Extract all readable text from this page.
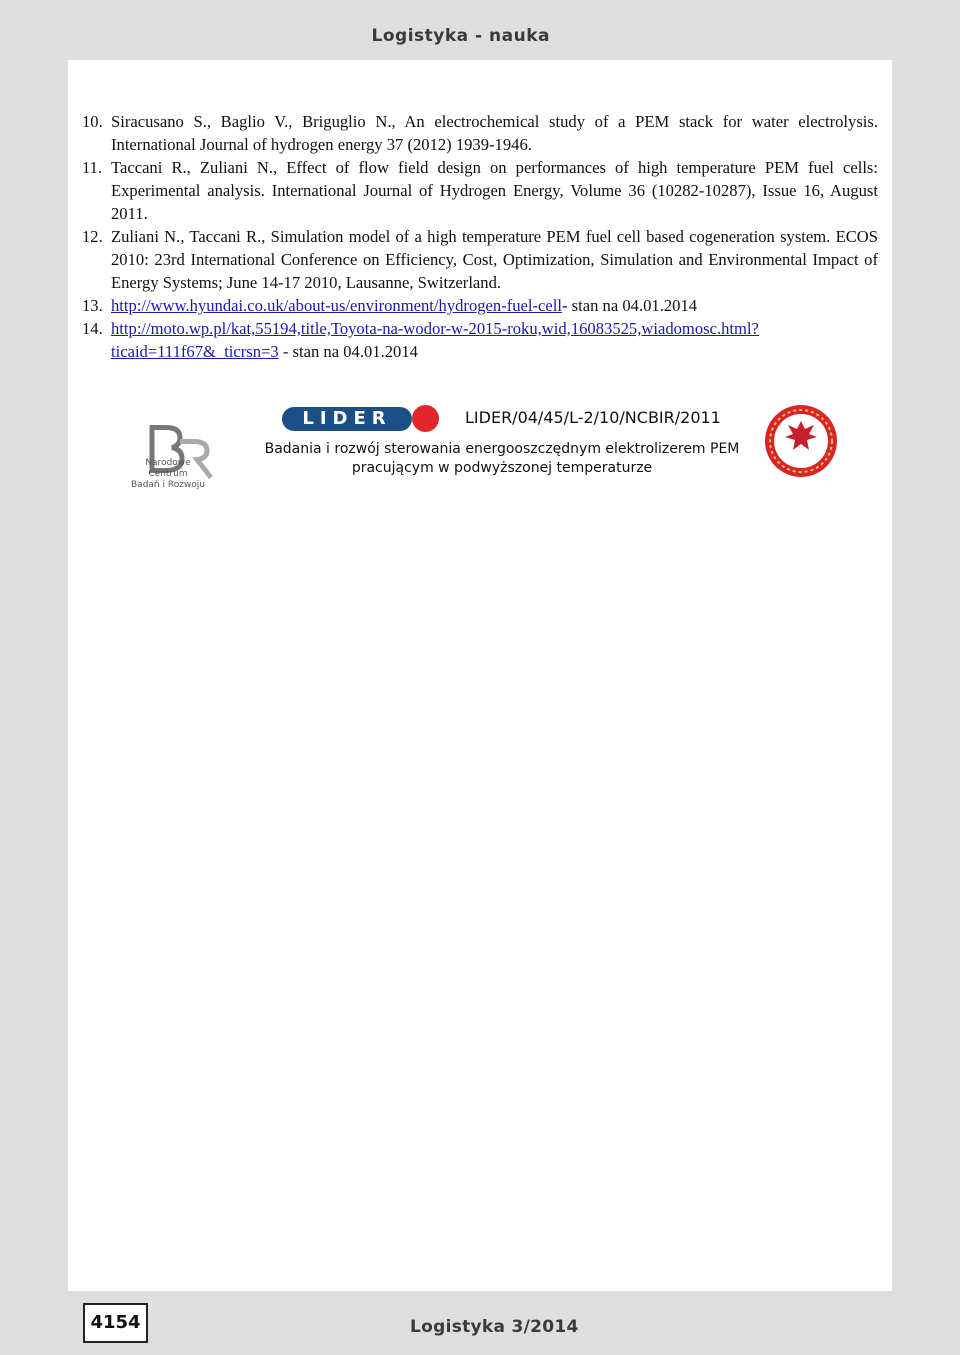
Logistyka - nauka
10. Siracusano S., Baglio V., Briguglio N., An electrochemical study of a PEM stack for water electrolysis. International Journal of hydrogen energy 37 (2012) 1939-1946.
11. Taccani R., Zuliani N., Effect of flow field design on performances of high temperature PEM fuel cells: Experimental analysis. International Journal of Hydrogen Energy, Volume 36 (10282-10287), Issue 16, August 2011.
12. Zuliani N., Taccani R., Simulation model of a high temperature PEM fuel cell based cogeneration system. ECOS 2010: 23rd International Conference on Efficiency, Cost, Optimization, Simulation and Environmental Impact of Energy Systems; June 14-17 2010, Lausanne, Switzerland.
13. http://www.hyundai.co.uk/about-us/environment/hydrogen-fuel-cell- stan na 04.01.2014
14. http://moto.wp.pl/kat,55194,title,Toyota-na-wodor-w-2015-roku,wid,16083525,wiadomosc.html?ticaid=111f67&_ticrsn=3 - stan na 04.01.2014
Narodowe Centrum
Badań i Rozwoju
LIDER	LIDER/04/45/L-2/10/NCBIR/2011
Badania i rozwój sterowania energooszczędnym elektrolizerem PEM
pracującym w podwyższonej temperaturze
4154	Logistyka 3/2014
